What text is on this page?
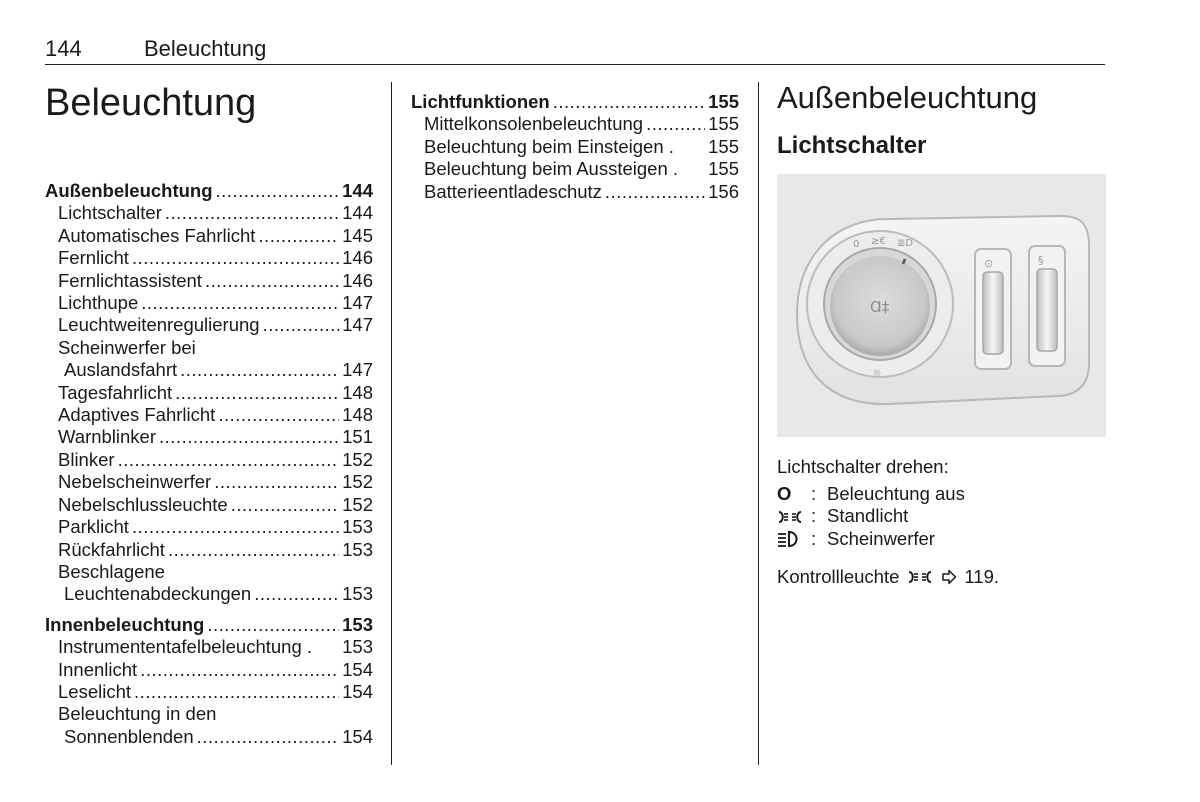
144	Beleuchtung
Beleuchtung
Außenbeleuchtung .....	144
Lichtschalter .....	144
Automatisches Fahrlicht .....	145
Fernlicht .....	146
Fernlichtassistent .....	146
Lichthupe .....	147
Leuchtweitenregulierung .....	147
Scheinwerfer bei
Auslandsfahrt .....	147
Tagesfahrlicht .....	148
Adaptives Fahrlicht .....	148
Warnblinker .....	151
Blinker .....	152
Nebelscheinwerfer .....	152
Nebelschlussleuchte .....	152
Parklicht .....	153
Rückfahrlicht .....	153
Beschlagene
Leuchtenabdeckungen .....	153
Innenbeleuchtung .....	153
Instrumententafelbeleuchtung . 153
Innenlicht .....	154
Leselicht .....	154
Beleuchtung in den
Sonnenblenden .....	154
Lichtfunktionen .....	155
Mittelkonsolenbeleuchtung .....	155
Beleuchtung beim Einsteigen . 155
Beleuchtung beim Aussteigen . 155
Batterieentladeschutz .....	156
Außenbeleuchtung
Lichtschalter
0 ≥€ ≣D
☼
Ɑ‡
⊙	§
Lichtschalter drehen:
O	: Beleuchtung aus
: Standlicht
: Scheinwerfer
Kontrollleuchte	119.
